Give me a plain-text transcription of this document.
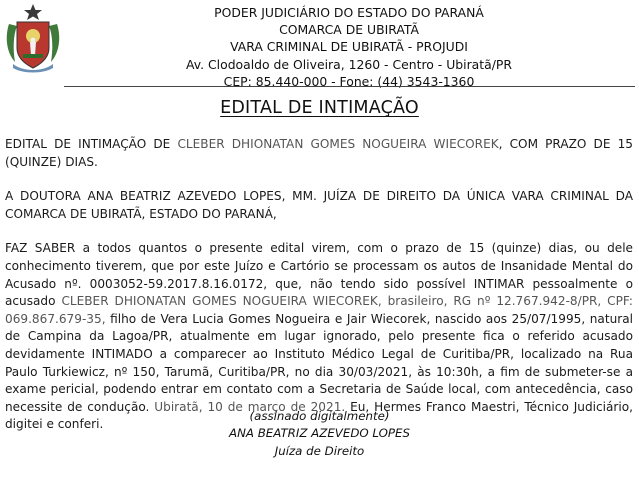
PODER JUDICIÁRIO DO ESTADO DO PARANÁ
COMARCA DE UBIRATÃ
VARA CRIMINAL DE UBIRATÃ - PROJUDI
Av. Clodoaldo de Oliveira, 1260 - Centro - Ubiratã/PR
CEP: 85.440-000 - Fone: (44) 3543-1360
EDITAL DE INTIMAÇÃO

EDITAL DE INTIMAÇÃO DE CLEBER DHIONATAN GOMES NOGUEIRA WIECOREK, COM PRAZO DE 15 (QUINZE) DIAS.

A DOUTORA ANA BEATRIZ AZEVEDO LOPES, MM. JUÍZA DE DIREITO DA ÚNICA VARA CRIMINAL DA COMARCA DE UBIRATÃ, ESTADO DO PARANÁ,

FAZ SABER a todos quantos o presente edital virem, com o prazo de 15 (quinze) dias, ou dele conhecimento tiverem, que por este Juízo e Cartório se processam os autos de Insanidade Mental do Acusado nº. 0003052-59.2017.8.16.0172, que, não tendo sido possível INTIMAR pessoalmente o acusado CLEBER DHIONATAN GOMES NOGUEIRA WIECOREK, brasileiro, RG nº 12.767.942-8/PR, CPF: 069.867.679-35, filho de Vera Lucia Gomes Nogueira e Jair Wiecorek, nascido aos 25/07/1995, natural de Campina da Lagoa/PR, atualmente em lugar ignorado, pelo presente fica o referido acusado devidamente INTIMADO a comparecer ao Instituto Médico Legal de Curitiba/PR, localizado na Rua Paulo Turkiewicz, nº 150, Tarumã, Curitiba/PR, no dia 30/03/2021, às 10:30h, a fim de submeter-se a exame pericial, podendo entrar em contato com a Secretaria de Saúde local, com antecedência, caso necessite de condução. Ubiratã, 10 de março de 2021. Eu, Hermes Franco Maestri, Técnico Judiciário, digitei e conferi.

(assinado digitalmente)
ANA BEATRIZ AZEVEDO LOPES
Juíza de Direito
